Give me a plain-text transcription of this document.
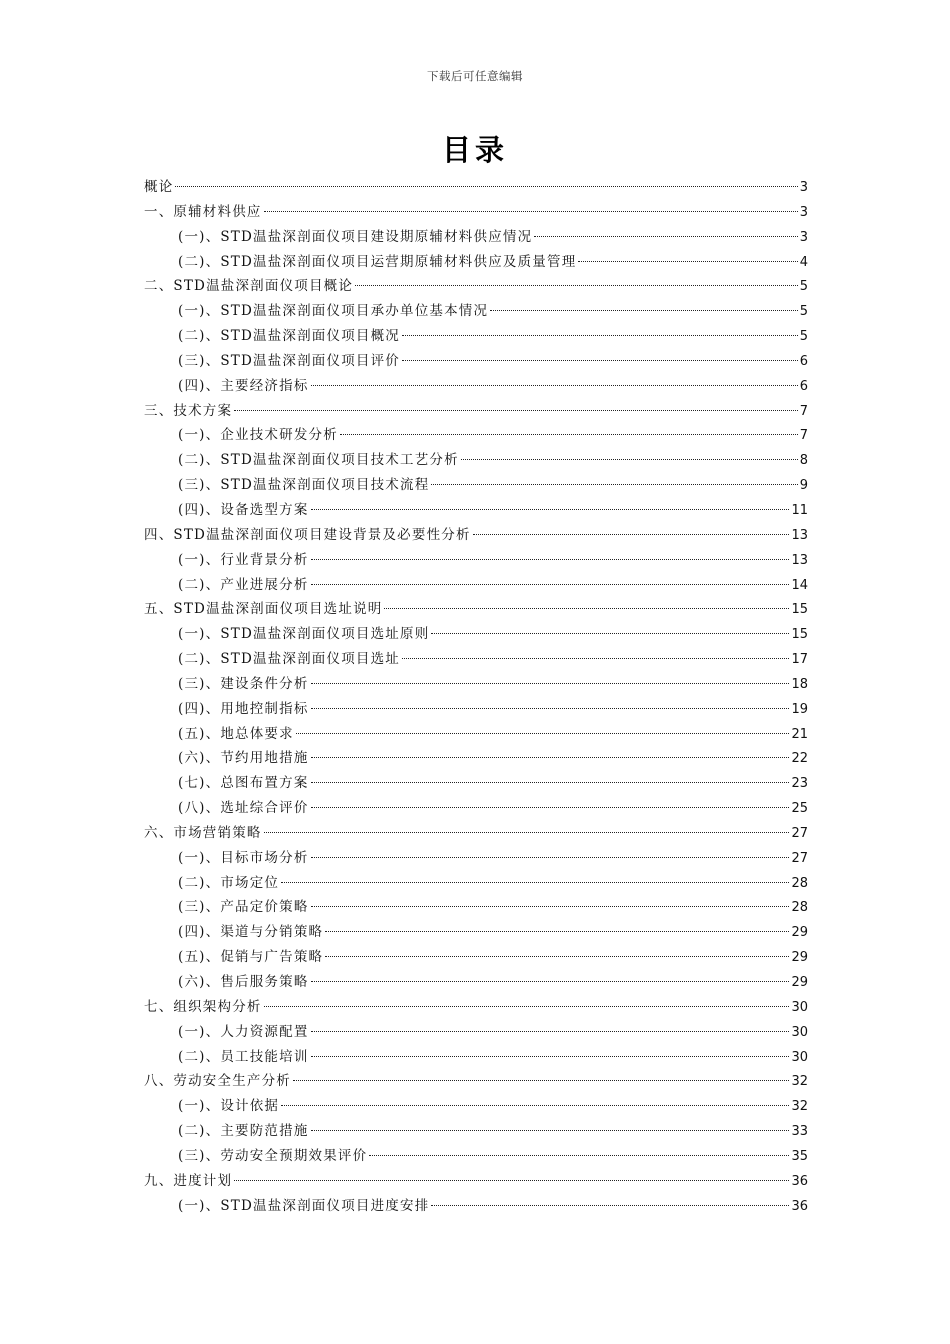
下载后可任意编辑
目录
概论	3
一、原辅材料供应	3
(一)、STD温盐深剖面仪项目建设期原辅材料供应情况	3
(二)、STD温盐深剖面仪项目运营期原辅材料供应及质量管理	4
二、STD温盐深剖面仪项目概论	5
(一)、STD温盐深剖面仪项目承办单位基本情况	5
(二)、STD温盐深剖面仪项目概况	5
(三)、STD温盐深剖面仪项目评价	6
(四)、主要经济指标	6
三、技术方案	7
(一)、企业技术研发分析	7
(二)、STD温盐深剖面仪项目技术工艺分析	8
(三)、STD温盐深剖面仪项目技术流程	9
(四)、设备选型方案	11
四、STD温盐深剖面仪项目建设背景及必要性分析	13
(一)、行业背景分析	13
(二)、产业进展分析	14
五、STD温盐深剖面仪项目选址说明	15
(一)、STD温盐深剖面仪项目选址原则	15
(二)、STD温盐深剖面仪项目选址	17
(三)、建设条件分析	18
(四)、用地控制指标	19
(五)、地总体要求	21
(六)、节约用地措施	22
(七)、总图布置方案	23
(八)、选址综合评价	25
六、市场营销策略	27
(一)、目标市场分析	27
(二)、市场定位	28
(三)、产品定价策略	28
(四)、渠道与分销策略	29
(五)、促销与广告策略	29
(六)、售后服务策略	29
七、组织架构分析	30
(一)、人力资源配置	30
(二)、员工技能培训	30
八、劳动安全生产分析	32
(一)、设计依据	32
(二)、主要防范措施	33
(三)、劳动安全预期效果评价	35
九、进度计划	36
(一)、STD温盐深剖面仪项目进度安排	36
